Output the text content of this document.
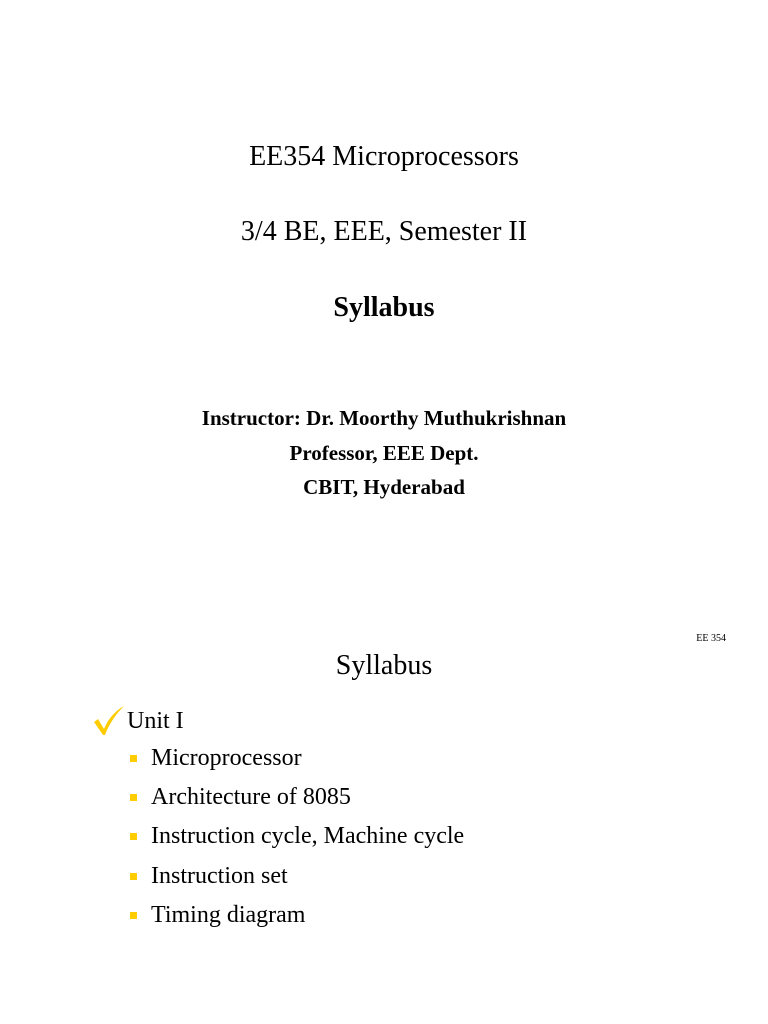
EE354 Microprocessors
3/4 BE, EEE, Semester II
Syllabus
Instructor: Dr. Moorthy Muthukrishnan
Professor, EEE Dept.
CBIT, Hyderabad
EE 354
Syllabus
Unit I
Microprocessor
Architecture of 8085
Instruction cycle, Machine cycle
Instruction set
Timing diagram
